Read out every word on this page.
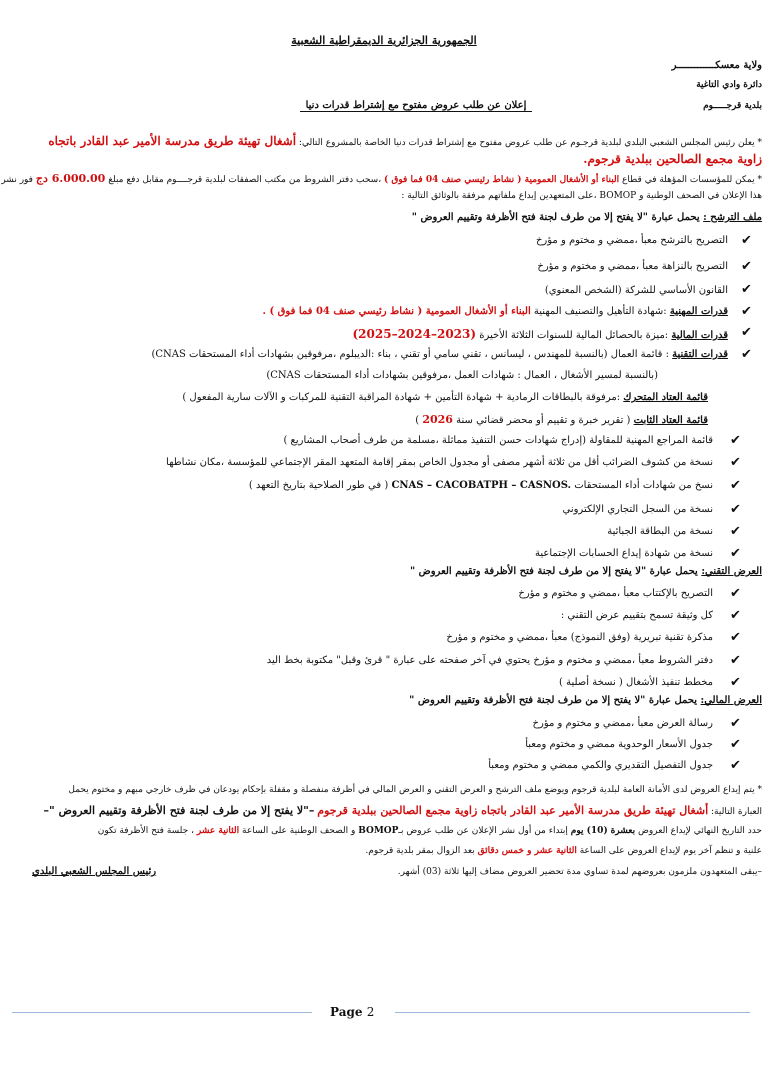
الجمهورية الجزائرية الديمقراطية الشعبية
ولاية معسكـــــــــــــر
دائرة وادي التاغية
بلدية قرجـــــوم
إعلان عن طلب عروض مفتوح مع إشتراط قدرات دنيا
* يعلن رئيس المجلس الشعبي البلدي لبلدية قرجـوم عن طلب عروض مفتوح مع إشتراط قدرات دنيا الخاصة بالمشروع التالي: أشغال تهيئة طريق مدرسة الأمير عبد القادر باتجاه
زاوية مجمع الصالحين ببلدية قرجوم.
* يمكن للمؤسسات المؤهلة في قطاع البناء أو الأشغال العمومية ( نشاط رئيسي صنف 04 فما فوق ) ،سحب دفتر الشروط من مكتب الصفقات لبلدية قرجــــوم مقابل دفع مبلغ 6.000.00 دج فور نشر
هذا الإعلان في الصحف الوطنية و BOMOP ،على المتعهدين إيداع ملفاتهم مرفقة بالوثائق التالية :
ملف الترشح : يحمل عبارة "لا يفتح إلا من طرف لجنة فتح الأظرفة وتقييم العروض "
✔
التصريح بالترشح معبأ ،ممضي و مختوم و مؤرخ
✔
التصريح بالنزاهة معبأ ،ممضي و مختوم و مؤرخ
✔
القانون الأساسي للشركة (الشخص المعنوي)
✔
قدرات المهنية :شهادة التأهيل والتصنيف المهنية البناء أو الأشغال العمومية ( نشاط رئيسي صنف 04 فما فوق ) .
✔
قدرات المالية :ميزة بالحصائل المالية للسنوات الثلاثة الأخيرة (2023–2024–2025)
✔
قدرات التقنية : قائمة العمال (بالنسبة للمهندس ، ليسانس ، تقني سامي أو تقني ، بناء :الديبلوم ،مرفوقين بشهادات أداء المستحقات CNAS)
(بالنسبة لمسير الأشغال ، العمال : شهادات العمل ،مرفوقين بشهادات أداء المستحقات CNAS)
قائمة العتاد المتحرك :مرفوقة بالبطاقات الرمادية + شهادة التأمين + شهادة المراقبة التقنية للمركبات و الآلات سارية المفعول )
قائمة العتاد الثابت ( تقرير خبرة و تقييم أو محضر قضائي سنة 2026 )
✔
قائمة المراجع المهنية للمقاولة (إدراج شهادات حسن التنفيذ مماثلة ،مسلمة من طرف أصحاب المشاريع )
✔
نسخة من كشوف الضرائب أقل من ثلاثة أشهر مصفى أو مجدول الخاص بمقر إقامة المتعهد المقر الإجتماعي للمؤسسة ،مكان نشاطها
✔
نسخ من شهادات أداء المستحقات CNAS – CACOBATPH – CASNOS. ( في طور الصلاحية بتاريخ التعهد )
✔
نسخة من السجل التجاري الإلكتروني
✔
نسخة من البطاقة الجبائية
✔
نسخة من شهادة إيداع الحسابات الإجتماعية
العرض التقني: يحمل عبارة "لا يفتح إلا من طرف لجنة فتح الأظرفة وتقييم العروض "
✔
التصريح بالإكتتاب معبأ ،ممضي و مختوم و مؤرخ
✔
كل وثيقة تسمح بتقييم عرض التقني :
✔
مذكرة تقنية تبريرية (وفق النموذج) معبأ ،ممضي و مختوم و مؤرخ
✔
دفتر الشروط معبأ ،ممضي و مختوم و مؤرخ يحتوي في آخر صفحته على عبارة " قرئ وقبل" مكتوبة بخط اليد
✔
مخطط تنفيذ الأشغال ( نسخة أصلية )
العرض المالي: يحمل عبارة "لا يفتح إلا من طرف لجنة فتح الأظرفة وتقييم العروض "
✔
رسالة العرض معبأ ،ممضي و مختوم و مؤرخ
✔
جدول الأسعار الوحدوية ممضي و مختوم ومعبأ
✔
جدول التفصيل التقديري والكمي ممضي و مختوم ومعبأ
* يتم إيداع العروض لدى الأمانة العامة لبلدية قرجوم ويوضع ملف الترشح و العرض التقني و العرض المالي في أظرفة منفصلة و مقفلة بإحكام يودعان في ظرف خارجي مبهم و مختوم يحمل
العبارة التالية: أشغال تهيئة طريق مدرسة الأمير عبد القادر باتجاه زاوية مجمع الصالحين ببلدية قرجوم –"لا يفتح إلا من طرف لجنة فتح الأظرفة وتقييم العروض "–
حدد التاريخ النهائي لإيداع العروض بعشرة (10) يوم إبتداء من أول نشر الإعلان عن طلب عروض بـBOMOP و الصحف الوطنية على الساعة الثانية عشر ، جلسة فتح الأظرفة تكون
علنية و تنظم آخر يوم لإيداع العروض على الساعة الثانية عشر و خمس دقائق بعد الزوال بمقر بلدية قرجوم.
–يبقى المتعهدون ملزمون بعروضهم لمدة تساوي مدة تحضير العروض مضاف إليها ثلاثة (03) أشهر.
رئيس المجلس الشعبي البلدي
Page 2
